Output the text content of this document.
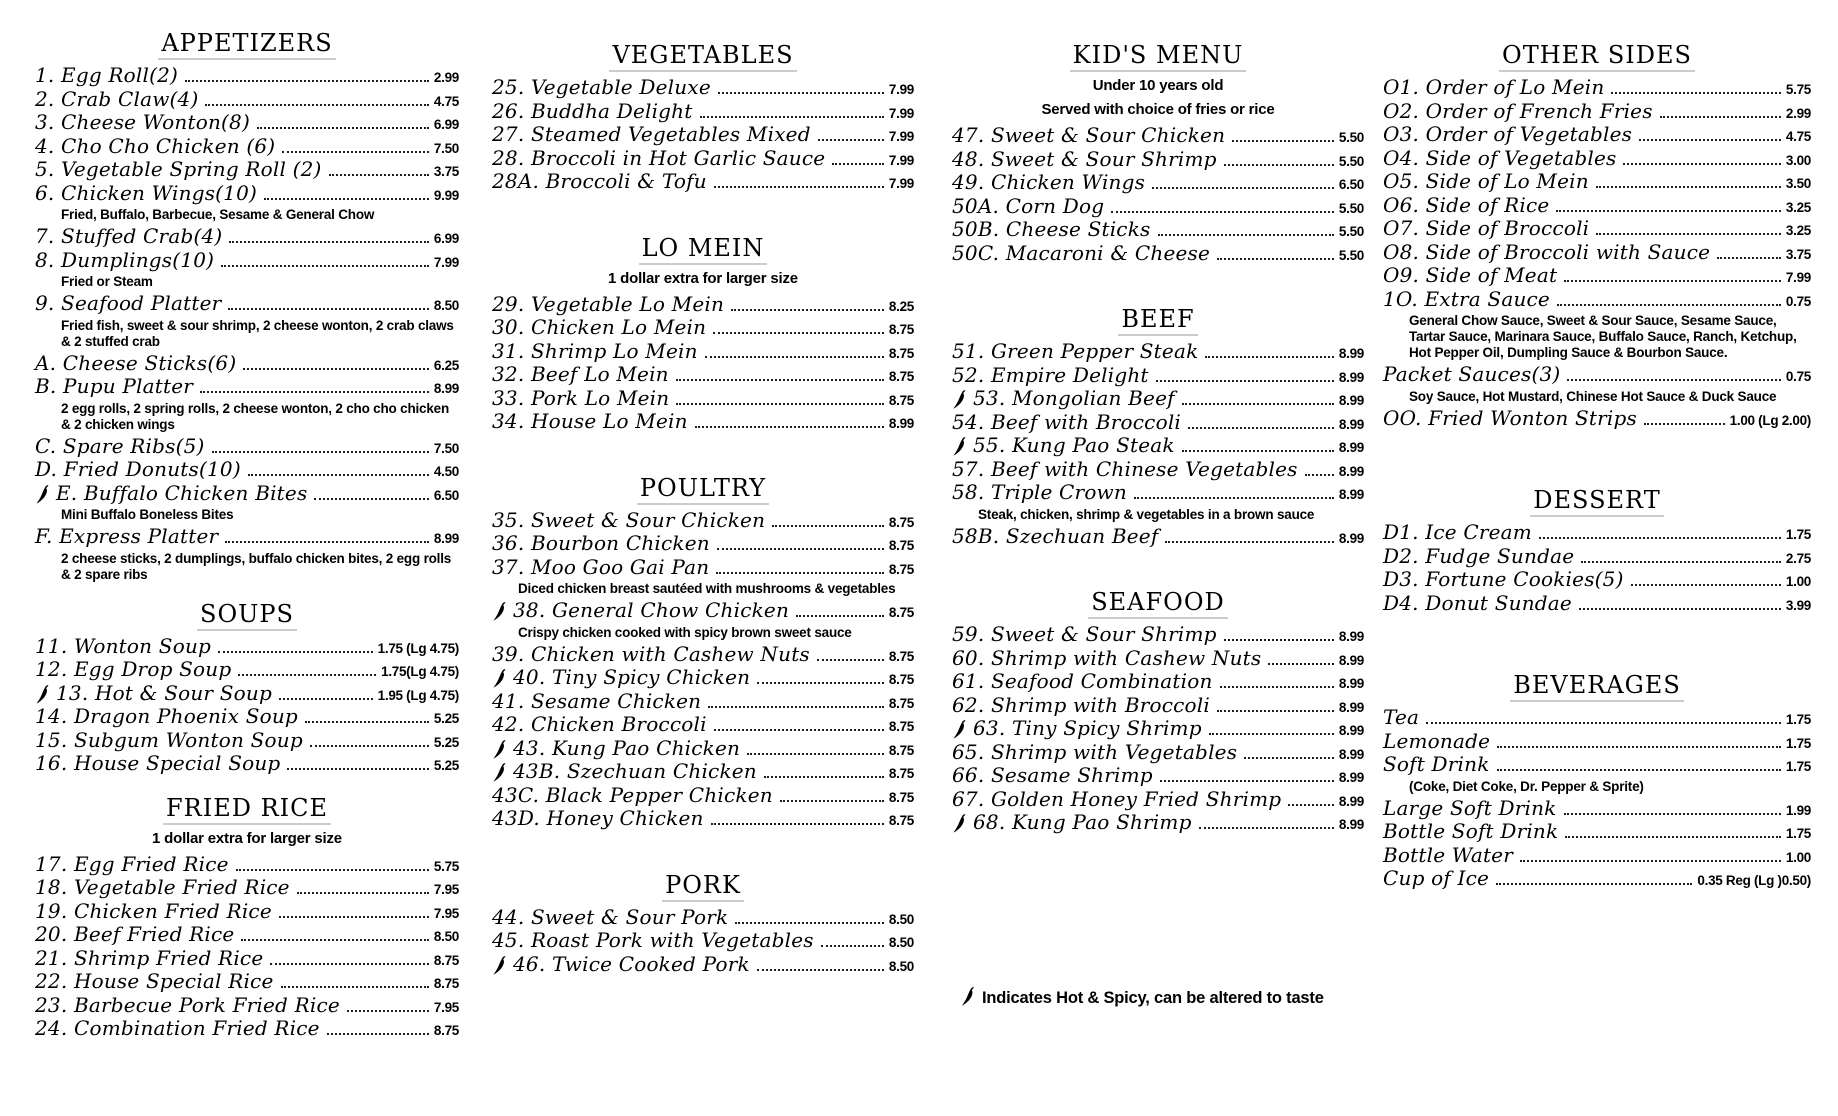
APPETIZERS
1. Egg Roll(2)	2.99
2. Crab Claw(4)	4.75
3. Cheese Wonton(8)	6.99
4. Cho Cho Chicken (6)	7.50
5. Vegetable Spring Roll (2)	3.75
6. Chicken Wings(10)	9.99
Fried, Buffalo, Barbecue, Sesame & General Chow
7. Stuffed Crab(4)	6.99
8. Dumplings(10)	7.99
Fried or Steam
9. Seafood Platter	8.50
Fried fish, sweet & sour shrimp, 2 cheese wonton, 2 crab claws & 2 stuffed crab
A. Cheese Sticks(6)	6.25
B. Pupu Platter	8.99
2 egg rolls, 2 spring rolls, 2 cheese wonton, 2 cho cho chicken & 2 chicken wings
C. Spare Ribs(5)	7.50
D. Fried Donuts(10)	4.50
E. Buffalo Chicken Bites	6.50
Mini Buffalo Boneless Bites
F. Express Platter	8.99
2 cheese sticks, 2 dumplings, buffalo chicken bites, 2 egg rolls & 2 spare ribs
SOUPS
11. Wonton Soup	1.75 (Lg 4.75)
12. Egg Drop Soup	1.75(Lg 4.75)
13. Hot & Sour Soup	1.95 (Lg 4.75)
14. Dragon Phoenix Soup	5.25
15. Subgum Wonton Soup	5.25
16. House Special Soup	5.25
FRIED RICE
1 dollar extra for larger size
17. Egg Fried Rice	5.75
18. Vegetable Fried Rice	7.95
19. Chicken Fried Rice	7.95
20. Beef Fried Rice	8.50
21. Shrimp Fried Rice	8.75
22. House Special Rice	8.75
23. Barbecue Pork Fried Rice	7.95
24. Combination Fried Rice	8.75
VEGETABLES
25. Vegetable Deluxe	7.99
26. Buddha Delight	7.99
27. Steamed Vegetables Mixed	7.99
28. Broccoli in Hot Garlic Sauce	7.99
28A. Broccoli & Tofu	7.99
LO MEIN
1 dollar extra for larger size
29. Vegetable Lo Mein	8.25
30. Chicken Lo Mein	8.75
31. Shrimp Lo Mein	8.75
32. Beef Lo Mein	8.75
33. Pork Lo Mein	8.75
34. House Lo Mein	8.99
POULTRY
35. Sweet & Sour Chicken	8.75
36. Bourbon Chicken	8.75
37. Moo Goo Gai Pan	8.75
Diced chicken breast sautéed with mushrooms & vegetables
38. General Chow Chicken	8.75
Crispy chicken cooked with spicy brown sweet sauce
39. Chicken with Cashew Nuts	8.75
40. Tiny Spicy Chicken	8.75
41. Sesame Chicken	8.75
42. Chicken Broccoli	8.75
43. Kung Pao Chicken	8.75
43B. Szechuan Chicken	8.75
43C. Black Pepper Chicken	8.75
43D. Honey Chicken	8.75
PORK
44. Sweet & Sour Pork	8.50
45. Roast Pork with Vegetables	8.50
46. Twice Cooked Pork	8.50
KID'S MENU
Under 10 years old
Served with choice of fries or rice
47. Sweet & Sour Chicken	5.50
48. Sweet & Sour Shrimp	5.50
49. Chicken Wings	6.50
50A. Corn Dog	5.50
50B. Cheese Sticks	5.50
50C. Macaroni & Cheese	5.50
BEEF
51. Green Pepper Steak	8.99
52. Empire Delight	8.99
53. Mongolian Beef	8.99
54. Beef with Broccoli	8.99
55. Kung Pao Steak	8.99
57. Beef with Chinese Vegetables	8.99
58. Triple Crown	8.99
Steak, chicken, shrimp & vegetables in a brown sauce
58B. Szechuan Beef	8.99
SEAFOOD
59. Sweet & Sour Shrimp	8.99
60. Shrimp with Cashew Nuts	8.99
61. Seafood Combination	8.99
62. Shrimp with Broccoli	8.99
63. Tiny Spicy Shrimp	8.99
65. Shrimp with Vegetables	8.99
66. Sesame Shrimp	8.99
67. Golden Honey Fried Shrimp	8.99
68. Kung Pao Shrimp	8.99
OTHER SIDES
O1. Order of Lo Mein	5.75
O2. Order of French Fries	2.99
O3. Order of Vegetables	4.75
O4. Side of Vegetables	3.00
O5. Side of Lo Mein	3.50
O6. Side of Rice	3.25
O7. Side of Broccoli	3.25
O8. Side of Broccoli with Sauce	3.75
O9. Side of Meat	7.99
1O. Extra Sauce	0.75
General Chow Sauce, Sweet & Sour Sauce, Sesame Sauce, Tartar Sauce, Marinara Sauce, Buffalo Sauce, Ranch, Ketchup, Hot Pepper Oil, Dumpling Sauce & Bourbon Sauce.
Packet Sauces(3)	0.75
Soy Sauce, Hot Mustard, Chinese Hot Sauce & Duck Sauce
OO. Fried Wonton Strips	1.00 (Lg 2.00)
DESSERT
D1. Ice Cream	1.75
D2. Fudge Sundae	2.75
D3. Fortune Cookies(5)	1.00
D4. Donut Sundae	3.99
BEVERAGES
Tea	1.75
Lemonade	1.75
Soft Drink	1.75
(Coke, Diet Coke, Dr. Pepper & Sprite)
Large Soft Drink	1.99
Bottle Soft Drink	1.75
Bottle Water	1.00
Cup of Ice	0.35 Reg (Lg )0.50)
Indicates Hot & Spicy, can be altered to taste
